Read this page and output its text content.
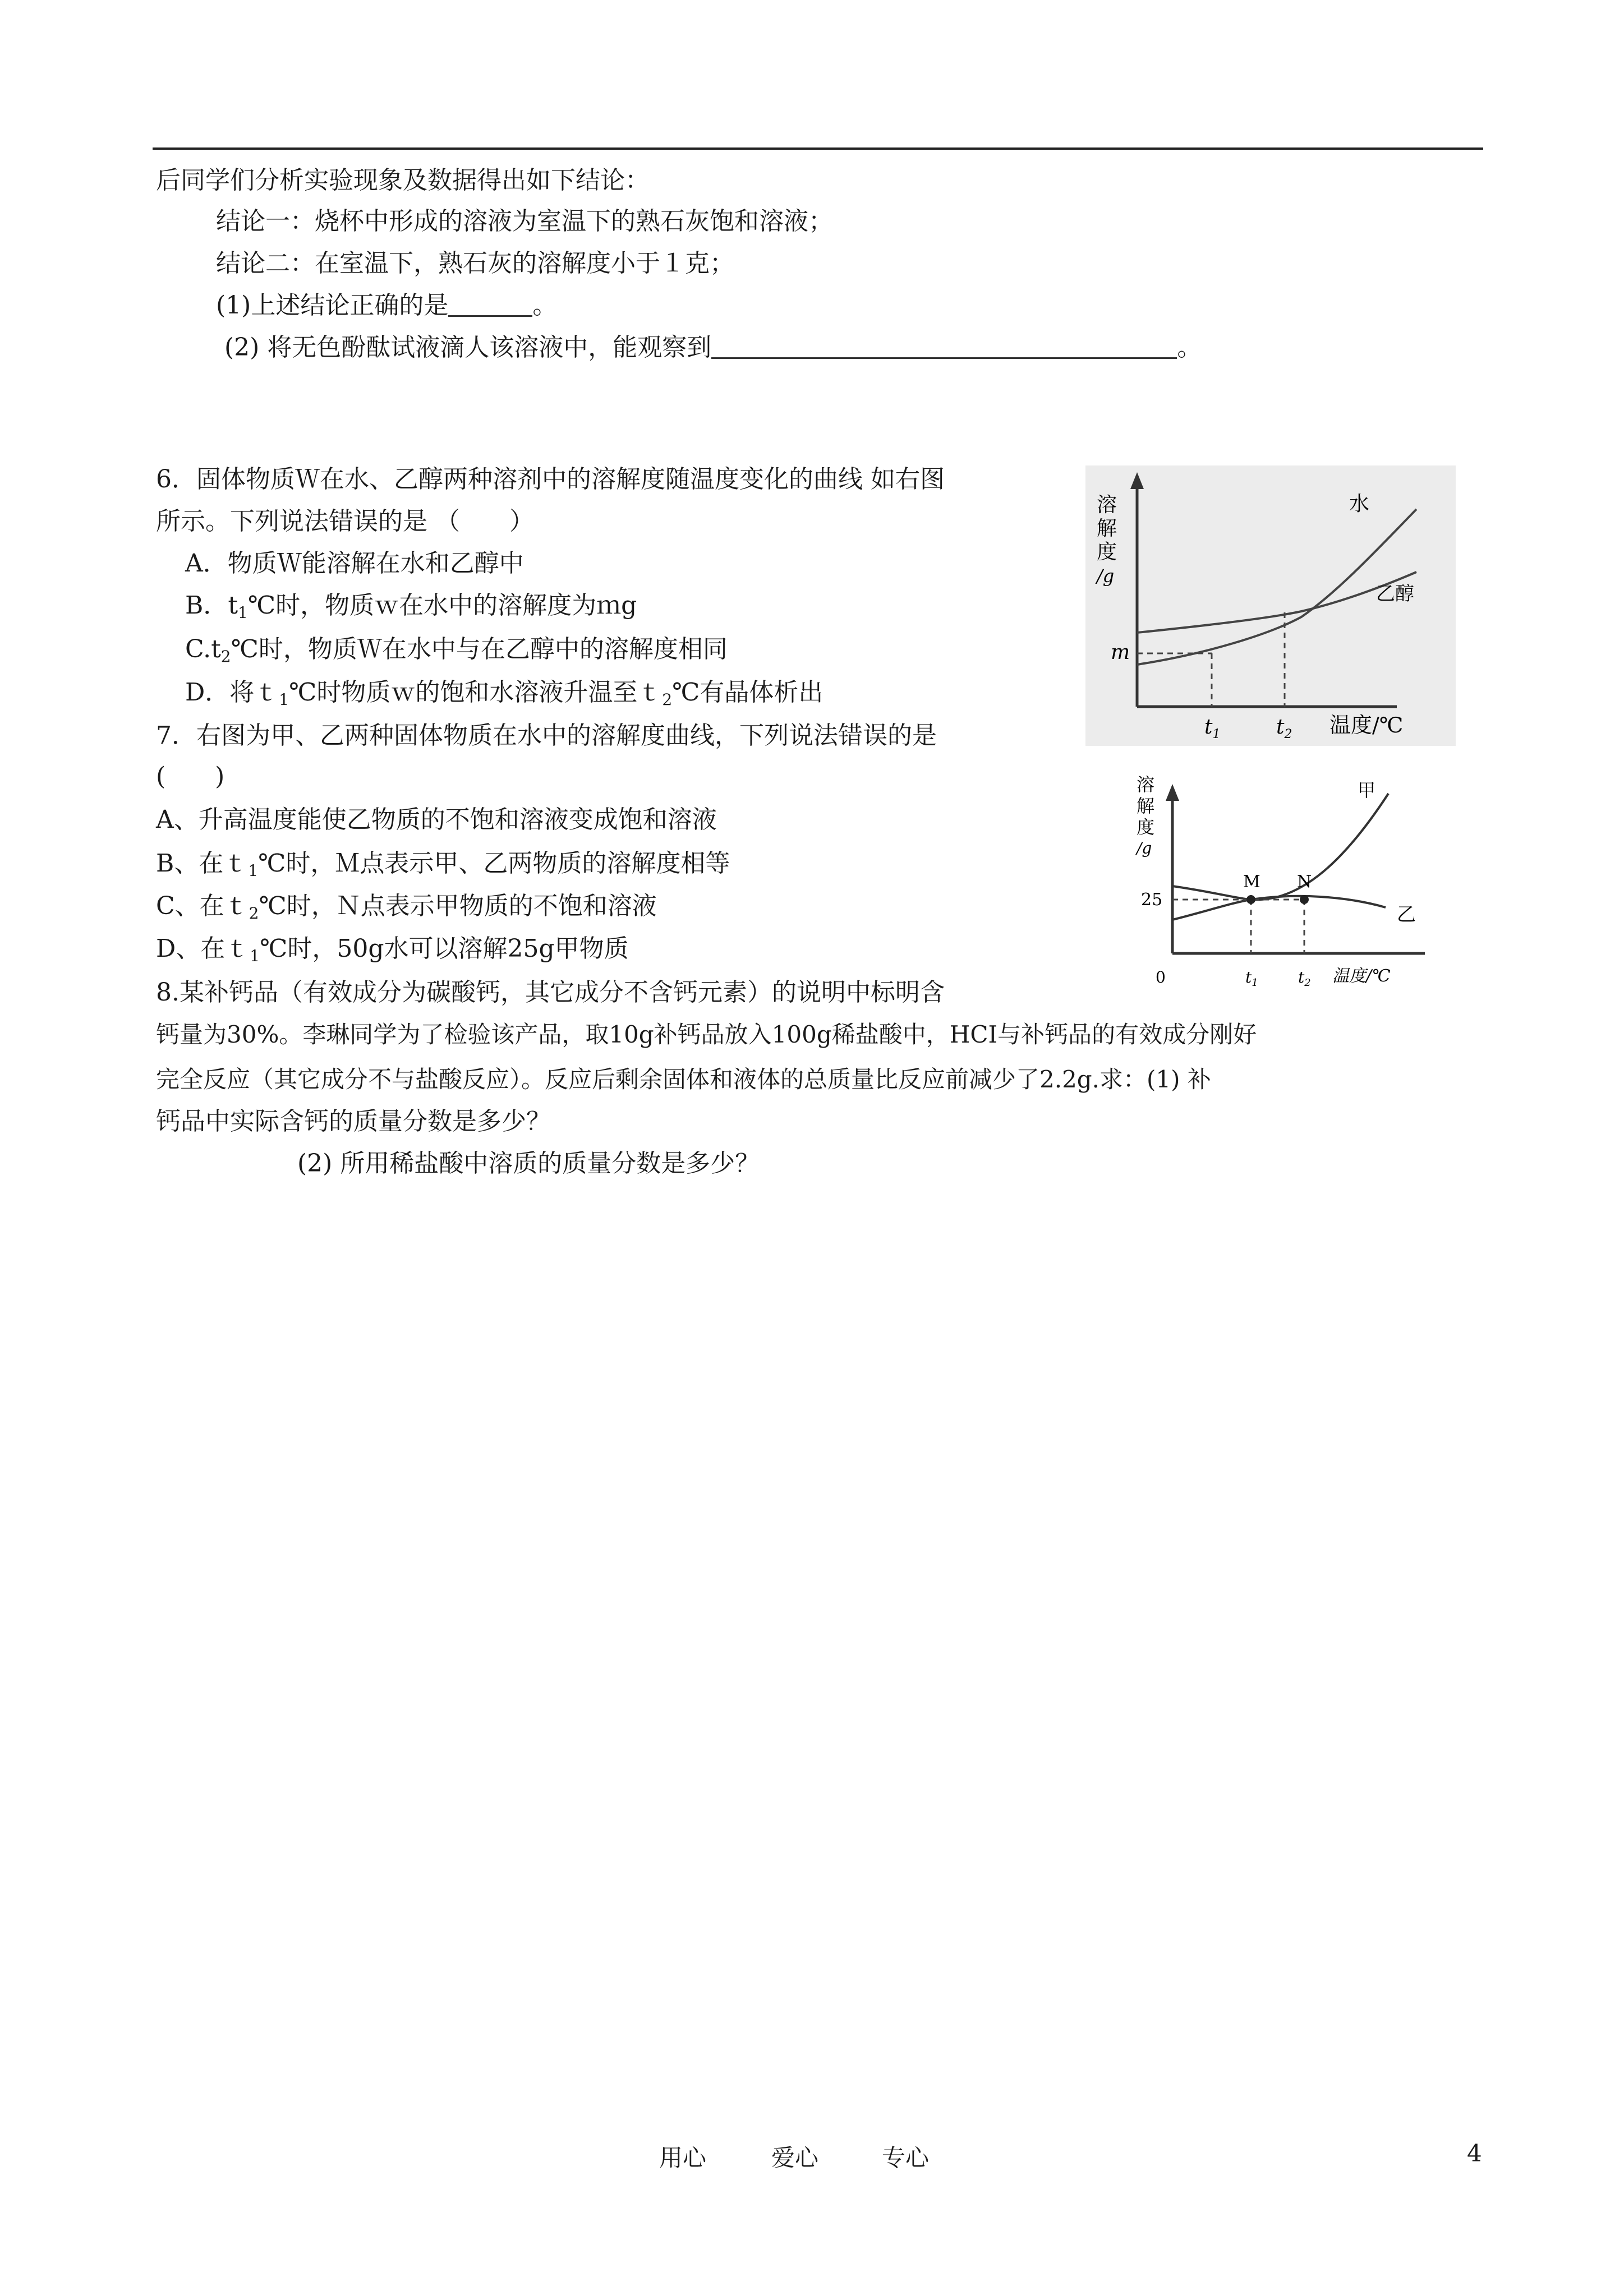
后同学们分析实验现象及数据得出如下结论：
结论一：烧杯中形成的溶液为室温下的熟石灰饱和溶液；
结论二：在室温下，熟石灰的溶解度小于１克；
(1)上述结论正确的是	。
(2) 将无色酚酞试液滴人该溶液中，能观察到	。
6．固体物质Ｗ在水、乙醇两种溶剂中的溶解度随温度变化的曲线 如右图
所示。下列说法错误的是 （　　）
A．物质Ｗ能溶解在水和乙醇中
B．$t_1℃$时，物质ｗ在水中的溶解度为ｍg
$C.t_2℃$时，物质Ｗ在水中与在乙醇中的溶解度相同
D．将ｔ$_1$℃时物质ｗ的饱和水溶液升温至ｔ$_2$℃有晶体析出
溶
解
度
/g
水
乙醇
m
$t_1$	$t_2$ 温度/℃
7．右图为甲、乙两种固体物质在水中的溶解度曲线，下列说法错误的是
(　　)
A、升高温度能使乙物质的不饱和溶液变成饱和溶液
B、在ｔ$_1$℃时，Ｍ点表示甲、乙两物质的溶解度相等
C、在ｔ$_2$℃时，Ｎ点表示甲物质的不饱和溶液
D、在ｔ$_1$℃时，50g水可以溶解25g甲物质
溶
解
度
/g
甲
乙
25
M N
0	$t_1$	$t_2$ 温度/℃
8.某补钙品（有效成分为碳酸钙，其它成分不含钙元素）的说明中标明含
钙量为30%。李琳同学为了检验该产品，取10g补钙品放入100g稀盐酸中，HCI与补钙品的有效成分刚好
完全反应（其它成分不与盐酸反应）。反应后剩余固体和液体的总质量比反应前减少了2.2g.求：(1) 补
钙品中实际含钙的质量分数是多少？
(2) 所用稀盐酸中溶质的质量分数是多少？
用心	爱心	专心	4
